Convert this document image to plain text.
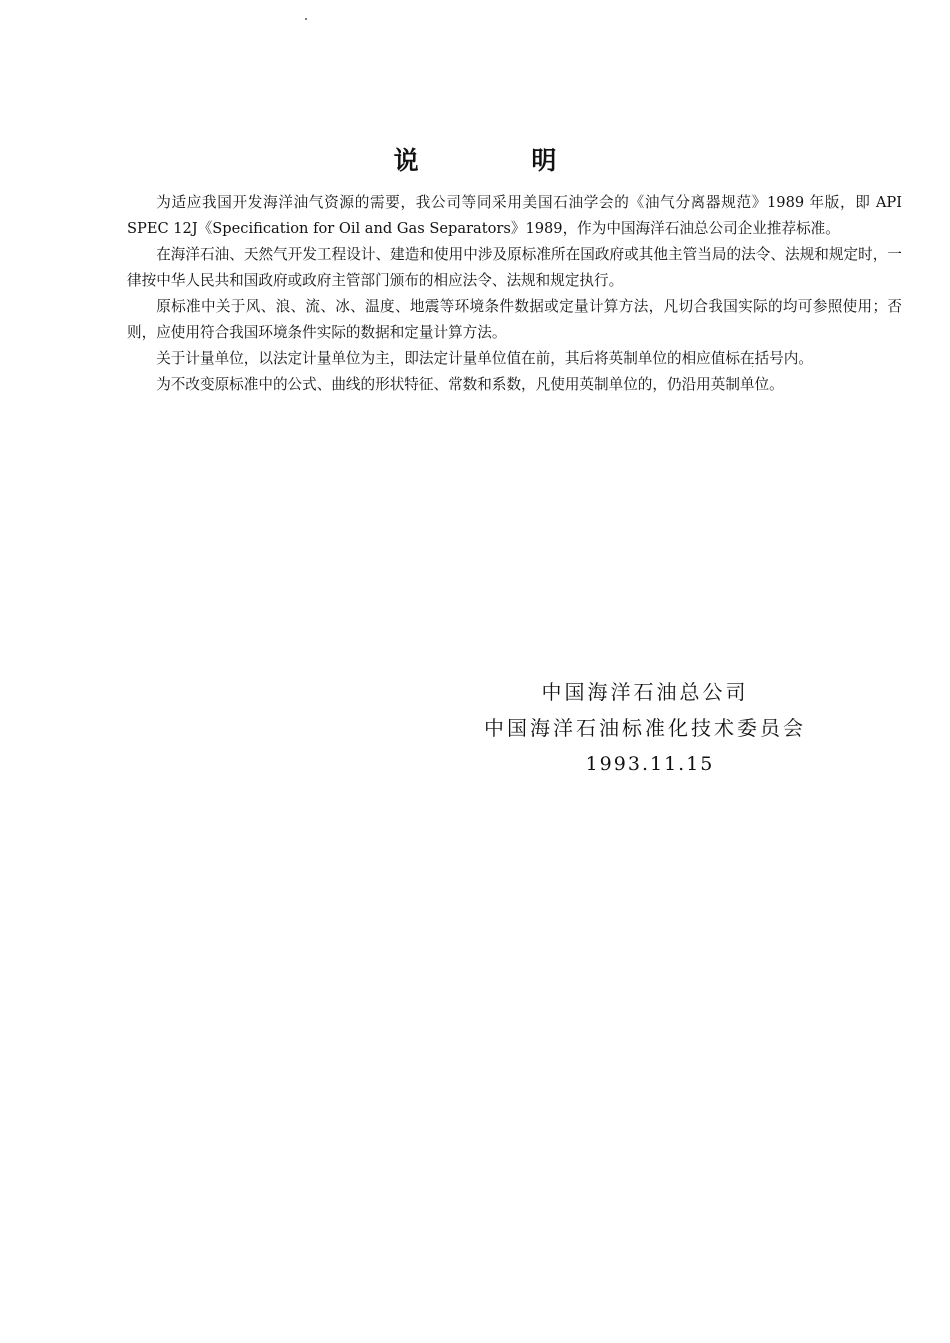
说 明

为适应我国开发海洋油气资源的需要，我公司等同采用美国石油学会的《油气分离器规范》1989 年版，即 API SPEC 12J《Specification for Oil and Gas Separators》1989，作为中国海洋石油总公司企业推荐标准。

在海洋石油、天然气开发工程设计、建造和使用中涉及原标准所在国政府或其他主管当局的法令、法规和规定时，一律按中华人民共和国政府或政府主管部门颁布的相应法令、法规和规定执行。

原标准中关于风、浪、流、冰、温度、地震等环境条件数据或定量计算方法，凡切合我国实际的均可参照使用；否则，应使用符合我国环境条件实际的数据和定量计算方法。

关于计量单位，以法定计量单位为主，即法定计量单位值在前，其后将英制单位的相应值标在括号内。

为不改变原标准中的公式、曲线的形状特征、常数和系数，凡使用英制单位的，仍沿用英制单位。

中国海洋石油总公司
中国海洋石油标准化技术委员会
1993.11.15
